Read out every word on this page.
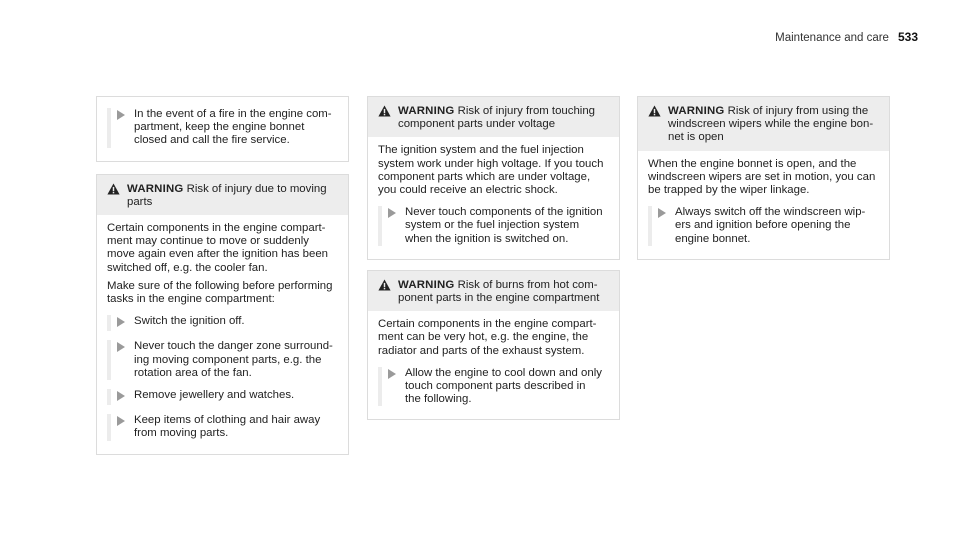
Maintenance and care 533
In the event of a fire in the engine com-
partment, keep the engine bonnet
closed and call the fire service.
WARNING Risk of injury due to moving
parts

Certain components in the engine compart-
ment may continue to move or suddenly
move again even after the ignition has been
switched off, e.g. the cooler fan.

Make sure of the following before performing
tasks in the engine compartment:

Switch the ignition off.
Never touch the danger zone surround-
ing moving component parts, e.g. the
rotation area of the fan.
Remove jewellery and watches.
Keep items of clothing and hair away
from moving parts.
WARNING Risk of injury from touching
component parts under voltage

The ignition system and the fuel injection
system work under high voltage. If you touch
component parts which are under voltage,
you could receive an electric shock.

Never touch components of the ignition
system or the fuel injection system
when the ignition is switched on.
WARNING Risk of burns from hot com-
ponent parts in the engine compartment

Certain components in the engine compart-
ment can be very hot, e.g. the engine, the
radiator and parts of the exhaust system.

Allow the engine to cool down and only
touch component parts described in
the following.
WARNING Risk of injury from using the
windscreen wipers while the engine bon-
net is open

When the engine bonnet is open, and the
windscreen wipers are set in motion, you can
be trapped by the wiper linkage.

Always switch off the windscreen wip-
ers and ignition before opening the
engine bonnet.
